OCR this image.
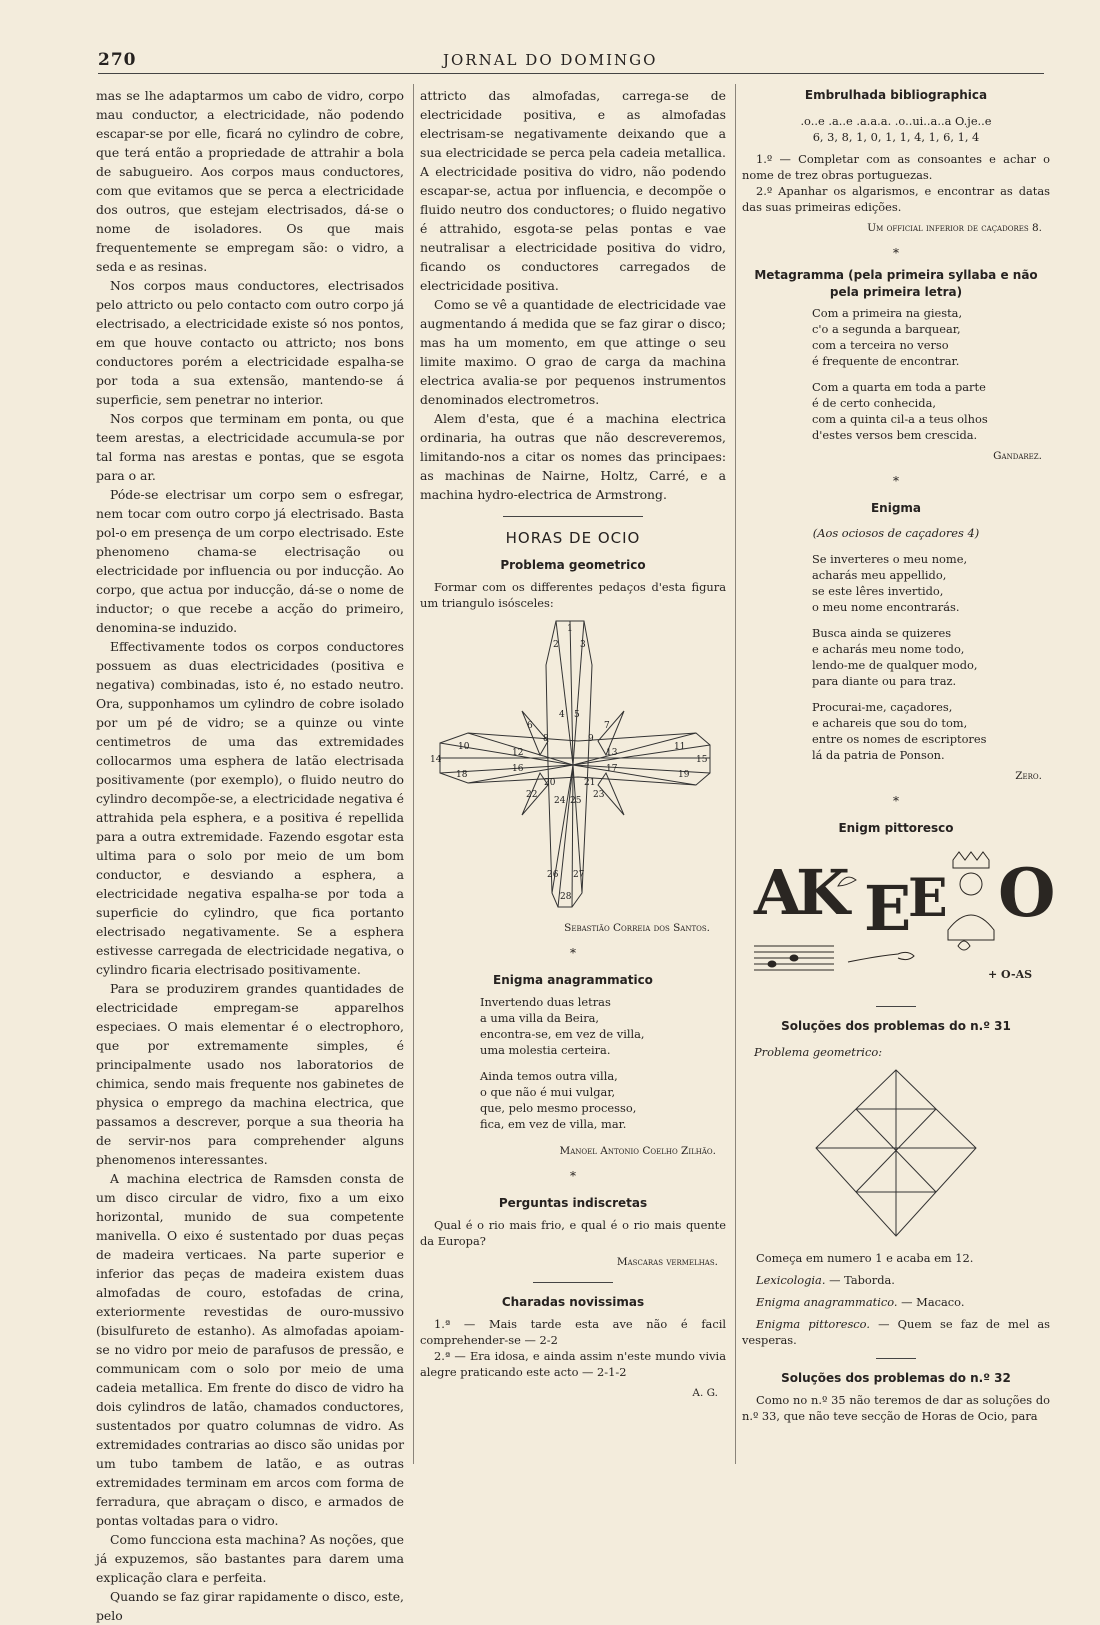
270	JORNAL DO DOMINGO

mas se lhe adaptarmos um cabo de vidro, corpo mau conductor, a electricidade, não podendo escapar-se por elle, ficará no cylindro de cobre, que terá então a propriedade de attrahir a bola de sabugueiro. Aos corpos maus conductores, com que evitamos que se perca a electricidade dos outros, que estejam electrisados, dá-se o nome de isoladores. Os que mais frequentemente se empregam são: o vidro, a seda e as resinas.

Nos corpos maus conductores, electrisados pelo attricto ou pelo contacto com outro corpo já electrisado, a electricidade existe só nos pontos, em que houve contacto ou attricto; nos bons conductores porém a electricidade espalha-se por toda a sua extensão, mantendo-se á superficie, sem penetrar no interior.

Nos corpos que terminam em ponta, ou que teem arestas, a electricidade accumula-se por tal forma nas arestas e pontas, que se esgota para o ar.

Póde-se electrisar um corpo sem o esfregar, nem tocar com outro corpo já electrisado. Basta pol-o em presença de um corpo electrisado. Este phenomeno chama-se electrisação ou electricidade por influencia ou por inducção. Ao corpo, que actua por inducção, dá-se o nome de inductor; o que recebe a acção do primeiro, denomina-se induzido.

Effectivamente todos os corpos conductores possuem as duas electricidades (positiva e negativa) combinadas, isto é, no estado neutro. Ora, supponhamos um cylindro de cobre isolado por um pé de vidro; se a quinze ou vinte centimetros de uma das extremidades collocarmos uma esphera de latão electrisada positivamente (por exemplo), o fluido neutro do cylindro decompõe-se, a electricidade negativa é attrahida pela esphera, e a positiva é repellida para a outra extremidade. Fazendo esgotar esta ultima para o solo por meio de um bom conductor, e desviando a esphera, a electricidade negativa espalha-se por toda a superficie do cylindro, que fica portanto electrisado negativamente. Se a esphera estivesse carregada de electricidade negativa, o cylindro ficaria electrisado positivamente.

Para se produzirem grandes quantidades de electricidade empregam-se apparelhos especiaes. O mais elementar é o electrophoro, que por extremamente simples, é principalmente usado nos laboratorios de chimica, sendo mais frequente nos gabinetes de physica o emprego da machina electrica, que passamos a descrever, porque a sua theoria ha de servir-nos para comprehender alguns phenomenos interessantes.

A machina electrica de Ramsden consta de um disco circular de vidro, fixo a um eixo horizontal, munido de sua competente manivella. O eixo é sustentado por duas peças de madeira verticaes. Na parte superior e inferior das peças de madeira existem duas almofadas de couro, estofadas de crina, exteriormente revestidas de ouro-mussivo (bisulfureto de estanho). As almofadas apoiam-se no vidro por meio de parafusos de pressão, e communicam com o solo por meio de uma cadeia metallica. Em frente do disco de vidro ha dois cylindros de latão, chamados conductores, sustentados por quatro columnas de vidro. As extremidades contrarias ao disco são unidas por um tubo tambem de latão, e as outras extremidades terminam em arcos com forma de ferradura, que abraçam o disco, e armados de pontas voltadas para o vidro.

Como funcciona esta machina? As noções, que já expuzemos, são bastantes para darem uma explicação clara e perfeita.

Quando se faz girar rapidamente o disco, este, pelo

attricto das almofadas, carrega-se de electricidade positiva, e as almofadas electrisam-se negativamente deixando que a sua electricidade se perca pela cadeia metallica. A electricidade positiva do vidro, não podendo escapar-se, actua por influencia, e decompõe o fluido neutro dos conductores; o fluido negativo é attrahido, esgota-se pelas pontas e vae neutralisar a electricidade positiva do vidro, ficando os conductores carregados de electricidade positiva.

Como se vê a quantidade de electricidade vae augmentando á medida que se faz girar o disco; mas ha um momento, em que attinge o seu limite maximo. O grao de carga da machina electrica avalia-se por pequenos instrumentos denominados electrometros.

Alem d'esta, que é a machina electrica ordinaria, ha outras que não descreveremos, limitando-nos a citar os nomes das principaes: as machinas de Nairne, Holtz, Carré, e a machina hydro-electrica de Armstrong.

HORAS DE OCIO
Problema geometrico

Formar com os differentes pedaços d'esta figura um triangulo isósceles:

1
2 3
4 5
6	7
8	9
10	11
12	13
14	15
16	17
18	19
20	21
22	23
24 25
26 27
28
Sebastião Correia dos Santos.
*
Enigma anagrammatico
Invertendo duas letras
a uma villa da Beira,
encontra-se, em vez de villa,
uma molestia certeira.
Ainda temos outra villa,
o que não é mui vulgar,
que, pelo mesmo processo,
fica, em vez de villa, mar.
Manoel Antonio Coelho Zilhão.
*
Perguntas indiscretas

Qual é o rio mais frio, e qual é o rio mais quente da Europa?

Mascaras vermelhas.
Charadas novissimas

1.ª — Mais tarde esta ave não é facil comprehender-se — 2-2

2.ª — Era idosa, e ainda assim n'este mundo vivia alegre praticando este acto — 2-1-2

A. G.
Embrulhada bibliographica
.o..e .a..e .a.a.a. .o..ui..a..a O.je..e
6, 3, 8, 1, 0, 1, 1, 4, 1, 6, 1, 4

1.º — Completar com as consoantes e achar o nome de trez obras portuguezas.

2.º Apanhar os algarismos, e encontrar as datas das suas primeiras edições.

Um official inferior de caçadores 8.
*
Metagramma (pela primeira syllaba e não pela primeira letra)
Com a primeira na giesta,
c'o a segunda a barquear,
com a terceira no verso
é frequente de encontrar.
Com a quarta em toda a parte
é de certo conhecida,
com a quinta cil-a a teus olhos
d'estes versos bem crescida.
Gandarez.
*
Enigma
(Aos ociosos de caçadores 4)
Se inverteres o meu nome,
acharás meu appellido,
se este lêres invertido,
o meu nome encontrarás.
Busca ainda se quizeres
e acharás meu nome todo,
lendo-me de qualquer modo,
para diante ou para traz.
Procurai-me, caçadores,
e achareis que sou do tom,
entre os nomes de escriptores
lá da patria de Ponson.
Zero.
*
Enigm pittoresco
A
K E
E O
+ O-AS
Soluções dos problemas do n.º 31
Problema geometrico:

Começa em numero 1 e acaba em 12.

Lexicologia. — Taborda.

Enigma anagrammatico. — Macaco.

Enigma pittoresco. — Quem se faz de mel as vesperas.

Soluções dos problemas do n.º 32

Como no n.º 35 não teremos de dar as soluções do n.º 33, que não teve secção de Horas de Ocio, para
